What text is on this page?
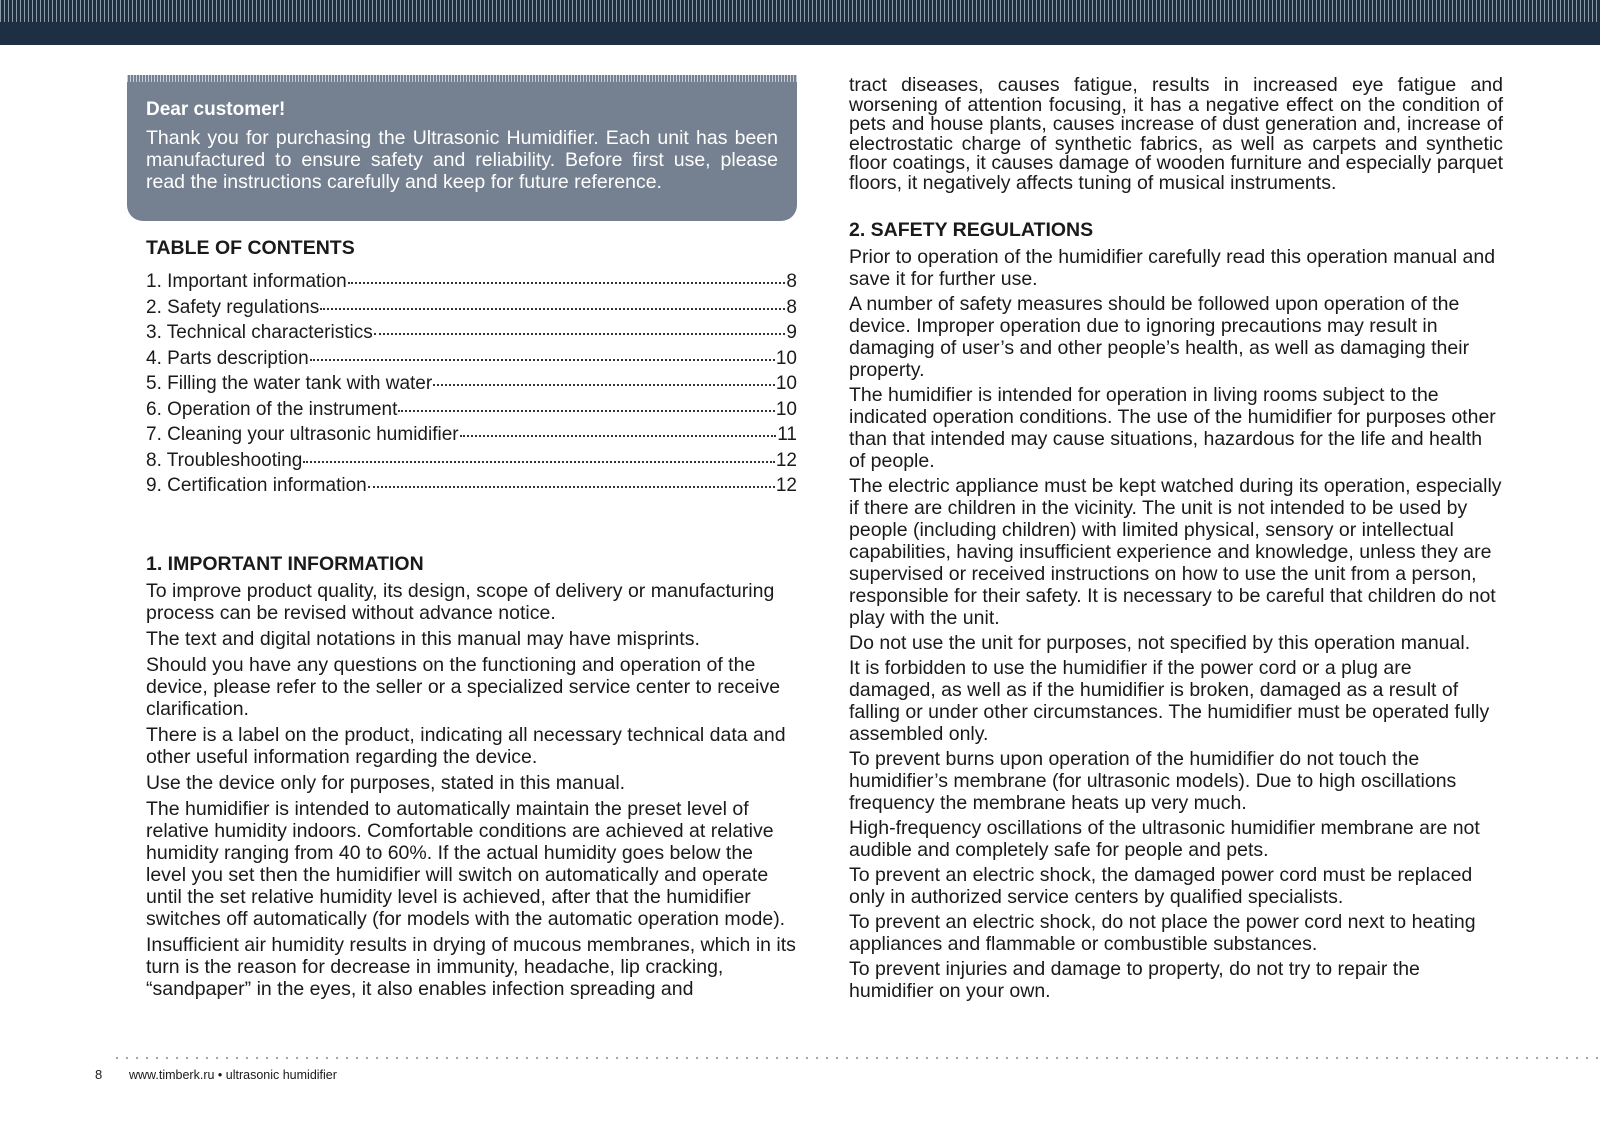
Dear customer!
Thank you for purchasing the Ultrasonic Humidifier. Each unit has been manufactured to ensure safety and reliability. Before first use, please read the instructions carefully and keep for future reference.
TABLE OF CONTENTS
1. Important information	8
2. Safety regulations	8
3. Technical characteristics	9
4. Parts description	10
5. Filling the water tank with water	10
6. Operation of the instrument	10
7. Cleaning your ultrasonic humidifier	11
8. Troubleshooting	12
9. Certification information	12
1. IMPORTANT INFORMATION

To improve product quality, its design, scope of delivery or manufacturing process can be revised without advance notice.

The text and digital notations in this manual may have misprints.

Should you have any questions on the functioning and operation of the device, please refer to the seller or a specialized service center to receive clarification.

There is a label on the product, indicating all necessary technical data and other useful information regarding the device.

Use the device only for purposes, stated in this manual.

The humidifier is intended to automatically maintain the preset level of relative humidity indoors. Comfortable conditions are achieved at relative humidity ranging from 40 to 60%. If the actual humidity goes below the level you set then the humidifier will switch on automatically and operate until the set relative humidity level is achieved, after that the humidifier switches off automatically (for models with the automatic operation mode).

Insufficient air humidity results in drying of mucous membranes, which in its turn is the reason for decrease in immunity, headache, lip cracking, “sandpaper” in the eyes, it also enables infection spreading and

tract diseases, causes fatigue, results in increased eye fatigue and worsening of attention focusing, it has a negative effect on the condition of pets and house plants, causes increase of dust generation and, increase of electrostatic charge of synthetic fabrics, as well as carpets and synthetic floor coatings, it causes damage of wooden furniture and especially parquet floors, it negatively affects tuning of musical instruments.

2. SAFETY REGULATIONS

Prior to operation of the humidifier carefully read this operation manual and save it for further use.

A number of safety measures should be followed upon operation of the device. Improper operation due to ignoring precautions may result in damaging of user’s and other people’s health, as well as damaging their property.

The humidifier is intended for operation in living rooms subject to the indicated operation conditions. The use of the humidifier for purposes other than that intended may cause situations, hazardous for the life and health of people.

The electric appliance must be kept watched during its operation, especially if there are children in the vicinity. The unit is not intended to be used by people (including children) with limited physical, sensory or intellectual capabilities, having insufficient experience and knowledge, unless they are supervised or received instructions on how to use the unit from a person, responsible for their safety. It is necessary to be careful that children do not play with the unit.

Do not use the unit for purposes, not specified by this operation manual.

It is forbidden to use the humidifier if the power cord or a plug are damaged, as well as if the humidifier is broken, damaged as a result of falling or under other circumstances. The humidifier must be operated fully assembled only.

To prevent burns upon operation of the humidifier do not touch the humidifier’s membrane (for ultrasonic models). Due to high oscillations frequency the membrane heats up very much.

High-frequency oscillations of the ultrasonic humidifier membrane are not audible and completely safe for people and pets.

To prevent an electric shock, the damaged power cord must be replaced only in authorized service centers by qualified specialists.

To prevent an electric shock, do not place the power cord next to heating appliances and flammable or combustible substances.

To prevent injuries and damage to property, do not try to repair the humidifier on your own.

8 www.timberk.ru • ultrasonic humidifier
